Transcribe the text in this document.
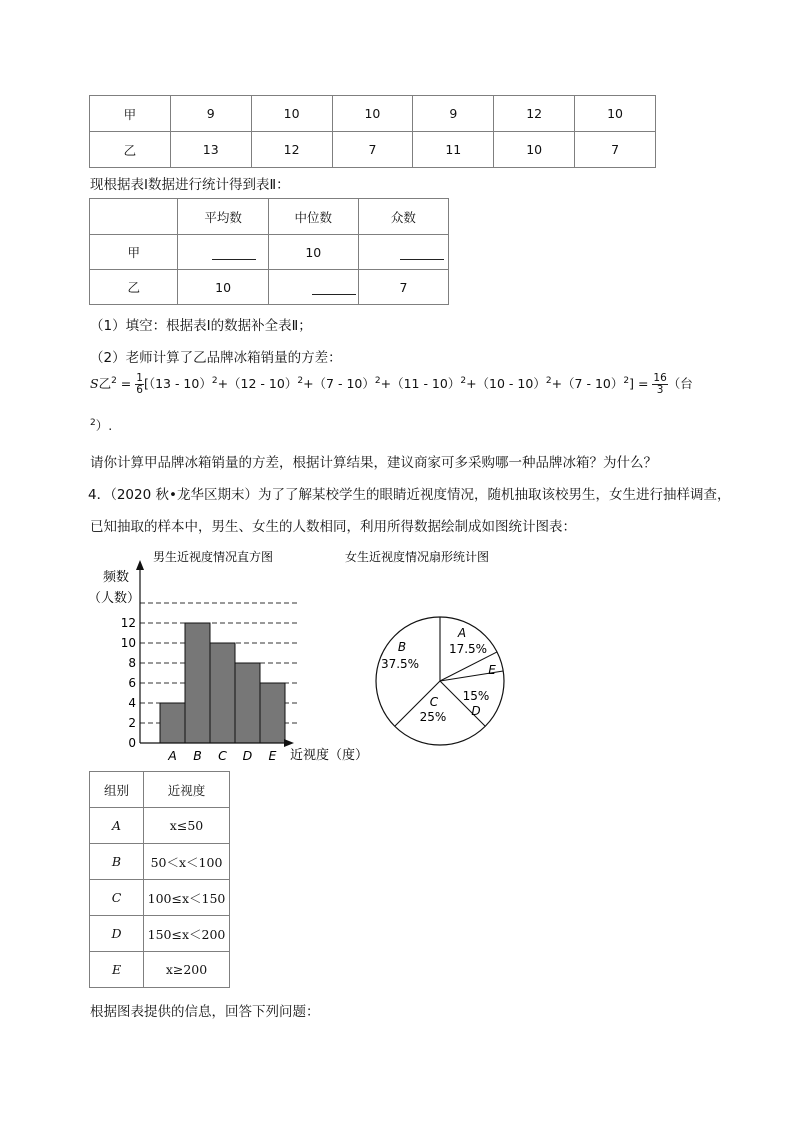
甲	9	10	10	9	12	10
乙	13	12	7	11	10	7
现根据表Ⅰ数据进行统计得到表Ⅱ：
	平均数	中位数	众数
甲		10	
乙	10		7
（1）填空：根据表Ⅰ的数据补全表Ⅱ；
（2）老师计算了乙品牌冰箱销量的方差：
S乙$^2 = \frac{1}{6} [(13 - 10)^2+(12 - 10)^2+(7 - 10)^2+(11 - 10)^2+(10 - 10)^2+(7 - 10)^2] = \frac{16}{3}$ （台
$^2$）.
请你计算甲品牌冰箱销量的方差，根据计算结果，建议商家可多采购哪一种品牌冰箱？为什么？
4．（2020 秋•龙华区期末）为了了解某校学生的眼睛近视度情况，随机抽取该校男生，女生进行抽样调查，
已知抽取的样本中，男生、女生的人数相同，利用所得数据绘制成如图统计图表：
男生近视度情况直方图	女生近视度情况扇形统计图
频数
（人数）
近视度（度）
0
2
4
6
8
10
12
A B C D E
A
17.5%
E
15%
D
C
25%
B
37.5%
组别	近视度
A	x≤50
B	50＜x＜100
C	100≤x＜150
D	150≤x＜200
E	x≥200
根据图表提供的信息，回答下列问题：
